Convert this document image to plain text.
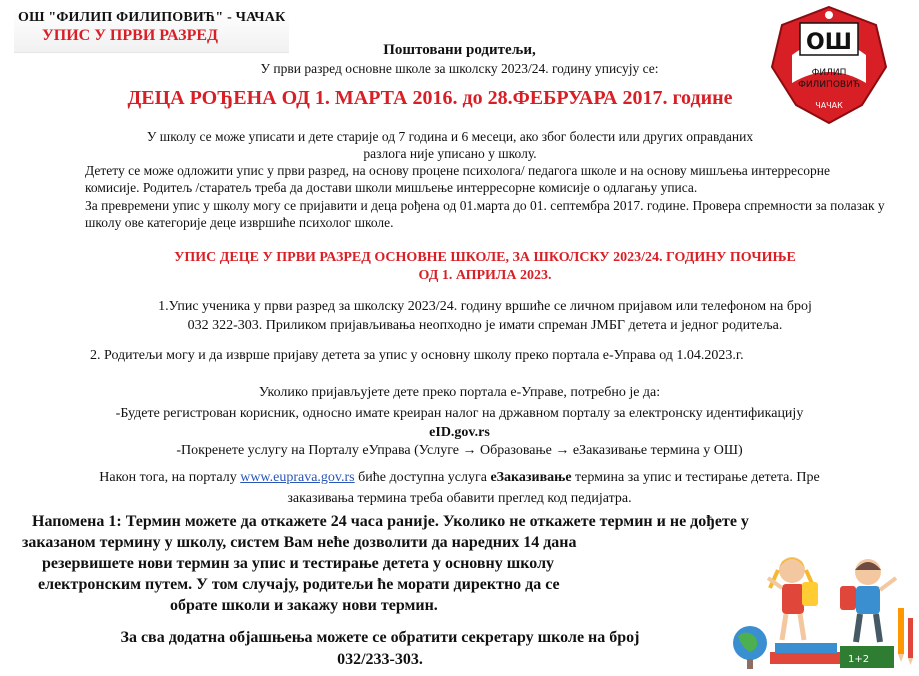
ОШ "ФИЛИП ФИЛИПОВИЋ" - ЧАЧАК
УПИС У ПРВИ РАЗРЕД	ОШ
ФИЛИП
ФИЛИПОВИЋ
ЧАЧАК
Поштовани родитељи,
У први разред основне школе за школску 2023/24. годину уписују се:
ДЕЦА РОЂЕНА ОД 1. МАРТА 2016. до 28.ФЕБРУАРА 2017. године
У школу се може уписати и дете старије од 7 година и 6 месеци, ако због болести или других оправданих
разлога није уписано у школу.
Детету се може одложити упис у први разред, на основу процене психолога/ педагога школе и на основу мишљења интерресорне комисије. Родитељ /старатељ треба да достави школи мишљење интерресорне комисије о одлагању уписа.
За превремени упис у школу могу се пријавити и деца рођена од 01.марта до 01. септембра 2017. године. Провера спремности за полазак у школу ове категорије деце извршиће психолог школе.
УПИС ДЕЦЕ У ПРВИ РАЗРЕД ОСНОВНЕ ШКОЛЕ, ЗА ШКОЛСКУ 2023/24. ГОДИНУ ПОЧИЊЕ
ОД 1. АПРИЛА 2023.
1.Упис ученика у први разред за школску 2023/24. годину вршиће се личном пријавом или телефоном на број
032 322-303. Приликом пријављивања неопходно је имати спреман ЈМБГ детета и једног родитеља.
2. Родитељи могу и да изврше пријаву детета за упис у основну школу преко портала е-Управа од 1.04.2023.г.
Уколико пријављујете дете преко портала е-Управе, потребно је да:
-Будете регистрован корисник, односно имате креиран налог на државном порталу за електронску идентификацију
eID.gov.rs
-Покренете услугу на Порталу еУправа (Услуге → Образовање → еЗаказивање термина у ОШ)
Након тога, на порталу www.euprava.gov.rs биће доступна услуга еЗаказивање термина за упис и тестирање детета. Пре
заказивања термина треба обавити преглед код педијатра.
Напомена 1: Термин можете да откажете 24 часа раније. Уколико не откажете термин и не дођете у
заказаном термину у школу, систем Вам неће дозволити да наредних 14 дана
резервишете нови термин за упис и тестирање детета у основну школу
електронским путем. У том случају, родитељи ће морати директно да се
обрате школи и закажу нови термин.
За сва додатна објашњења можете се обратити секретару школе на број
032/233-303.	1+2
